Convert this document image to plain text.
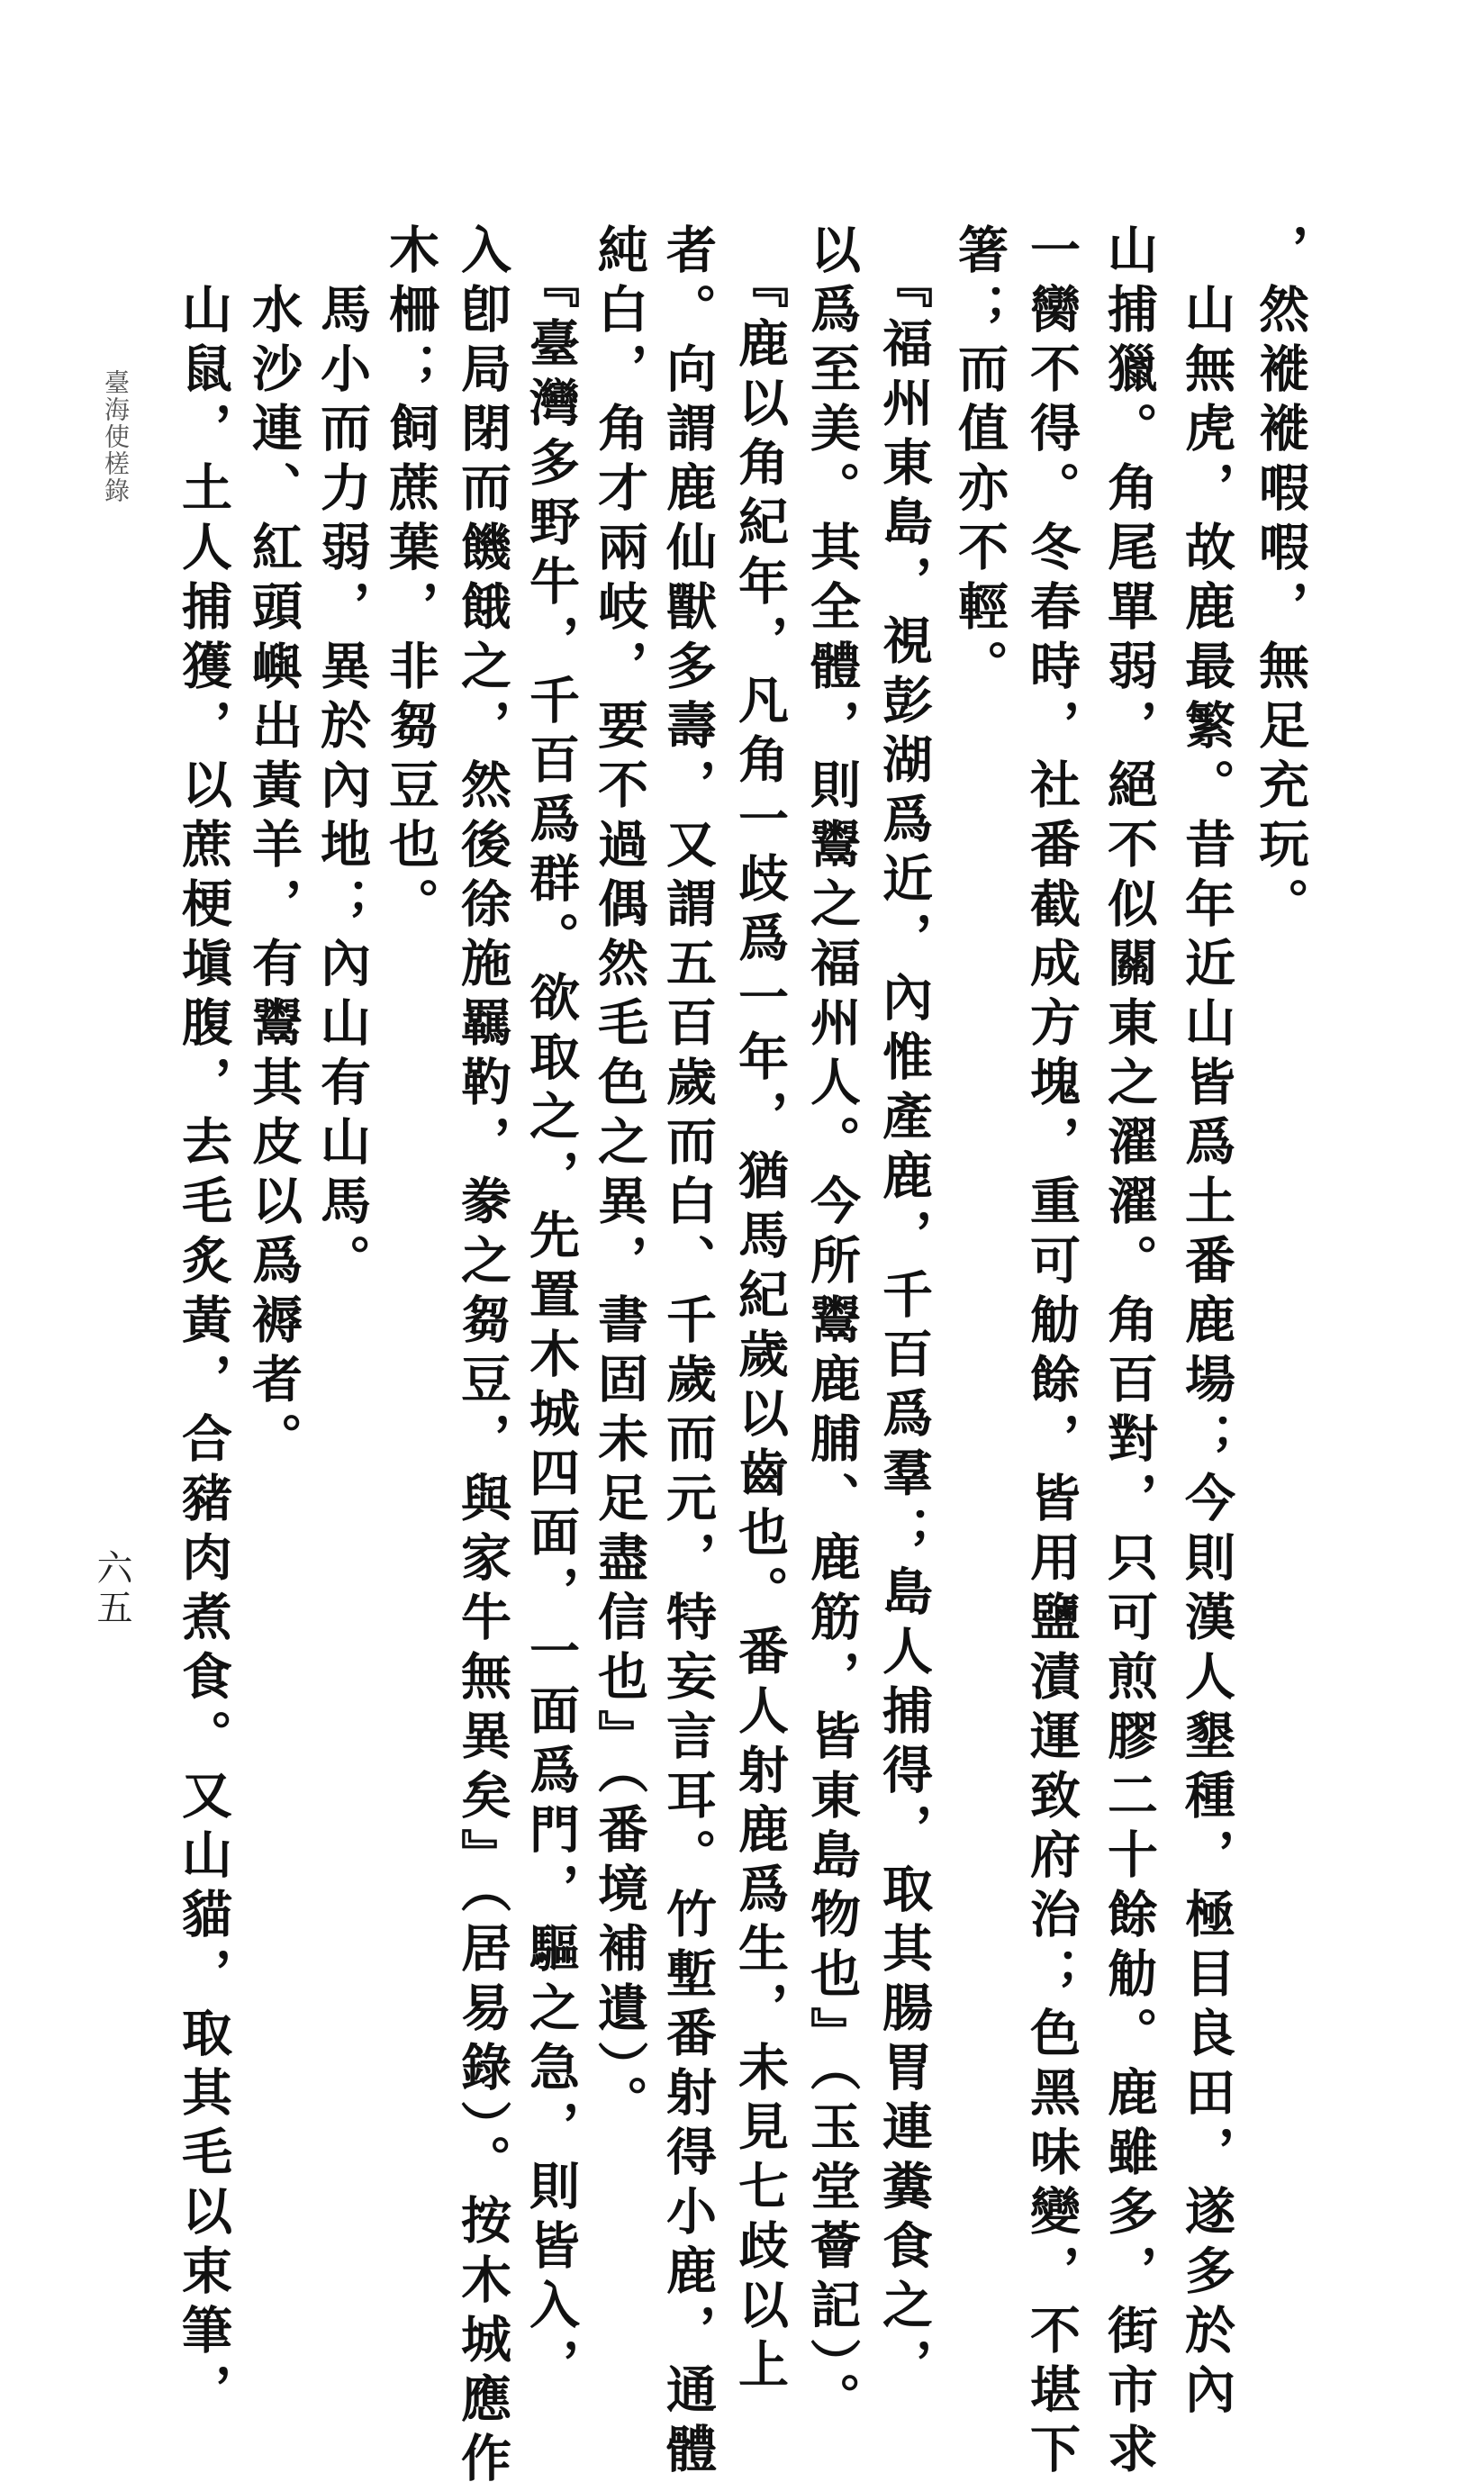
臺海使槎錄
六五
，然褷褷㗇㗇，無足充玩。
　山無虎，故鹿最繁。昔年近山皆爲土番鹿場；今則漢人墾種，極目良田，遂多於內
山捕獵。角尾單弱，絕不似關東之濯濯。角百對，只可煎膠二十餘觔。鹿雖多，街市求
一臠不得。冬春時，社番截成方塊，重可觔餘，皆用鹽漬運致府治；色黑味變，不堪下
箸；而值亦不輕。
　『福州東島，視彭湖爲近，內惟產鹿，千百爲羣；島人捕得，取其腸胃連糞食之，
以爲至美。其全體，則鬻之福州人。今所鬻鹿脯、鹿筋，皆東島物也』（玉堂薈記）。
　『鹿以角紀年，凡角一歧爲一年，猶馬紀歲以齒也。番人射鹿爲生，未見七歧以上
者。向謂鹿仙獸多壽，又謂五百歲而白、千歲而元，特妄言耳。竹塹番射得小鹿，通體
純白，角才兩岐，要不過偶然毛色之異，書固未足盡信也』（番境補遺）。
　『臺灣多野牛，千百爲群。欲取之，先置木城四面，一面爲門，驅之急，則皆入，
入卽局閉而饑餓之，然後徐施羈靮，豢之芻豆，與家牛無異矣』（居易錄）。按木城應作
木柵；飼蔗葉，非芻豆也。
　馬小而力弱，異於內地；內山有山馬。
　水沙連、紅頭嶼出黃羊，有鬻其皮以爲褥者。
　山鼠，土人捕獲，以蔗梗塡腹，去毛炙黃，合豬肉煮食。又山貓，取其毛以束筆，
